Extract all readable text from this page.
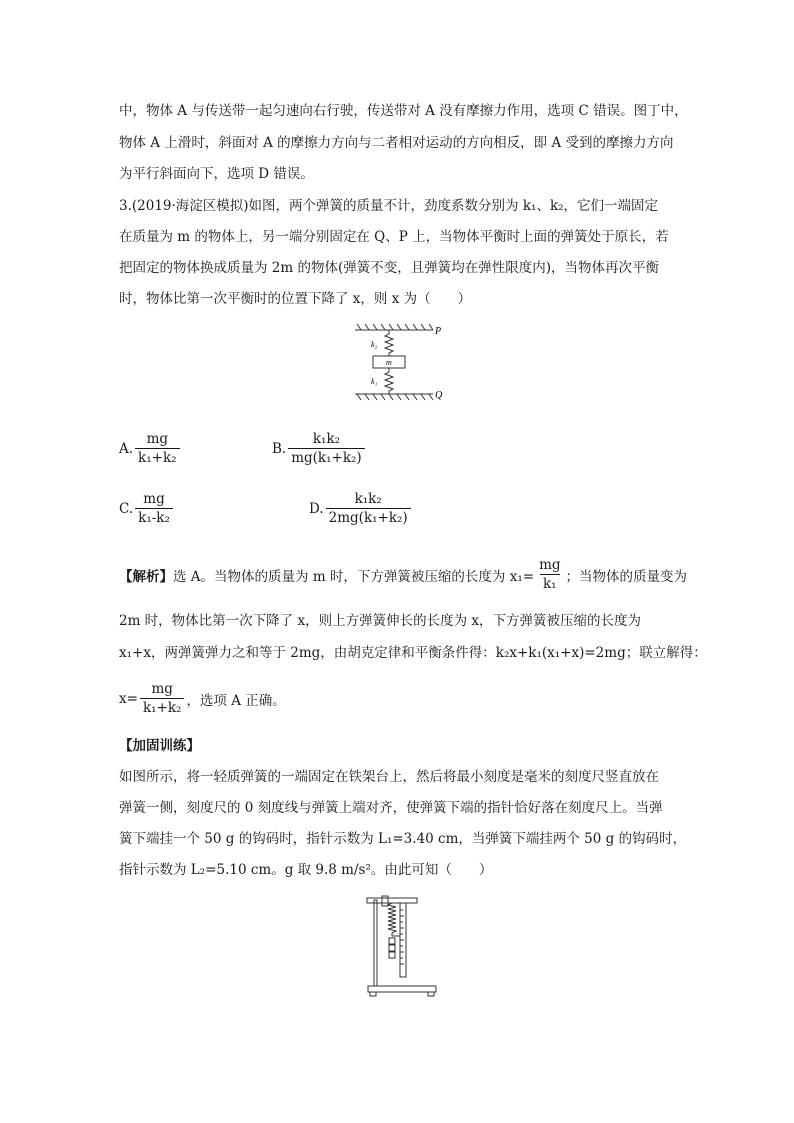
中，物体 A 与传送带一起匀速向右行驶，传送带对 A 没有摩擦力作用，选项 C 错误。图丁中，
物体 A 上滑时，斜面对 A 的摩擦力方向与二者相对运动的方向相反，即 A 受到的摩擦力方向
为平行斜面向下，选项 D 错误。
3.(2019·海淀区模拟)如图，两个弹簧的质量不计，劲度系数分别为 k₁、k₂，它们一端固定
在质量为 m 的物体上，另一端分别固定在 Q、P 上，当物体平衡时上面的弹簧处于原长，若
把固定的物体换成质量为 2m 的物体(弹簧不变，且弹簧均在弹性限度内)，当物体再次平衡
时，物体比第一次平衡时的位置下降了 x，则 x 为（　　）
P
Q
m
k₂
k₁
A. $\frac{mg}{\text{k₁+k₂}}$	B. $\frac{\text{k₁k₂}}{\text{mg(k₁+k₂)}}$
C. $\frac{mg}{\text{k₁-k₂}}$	D. $\frac{\text{k₁k₂}}{\text{2mg(k₁+k₂)}}$
【解析】 选 A。当物体的质量为 m 时，下方弹簧被压缩的长度为 $x_1= \frac{mg}{\text{k₁}}$ ；当物体的质量变为
2m 时，物体比第一次下降了 x，则上方弹簧伸长的长度为 x，下方弹簧被压缩的长度为
x₁+x，两弹簧弹力之和等于 2mg，由胡克定律和平衡条件得：k₂x+k₁(x₁+x)=2mg；联立解得：
$x= \frac{mg}{\text{k₁+k₂}}$ ，选项 A 正确。
【加固训练】
如图所示，将一轻质弹簧的一端固定在铁架台上，然后将最小刻度是毫米的刻度尺竖直放在
弹簧一侧，刻度尺的 0 刻度线与弹簧上端对齐，使弹簧下端的指针恰好落在刻度尺上。当弹
簧下端挂一个 50 g 的钩码时，指针示数为 L₁=3.40 cm，当弹簧下端挂两个 50 g 的钩码时，
指针示数为 L₂=5.10 cm。g 取 9.8 m/s²。由此可知（　　）
